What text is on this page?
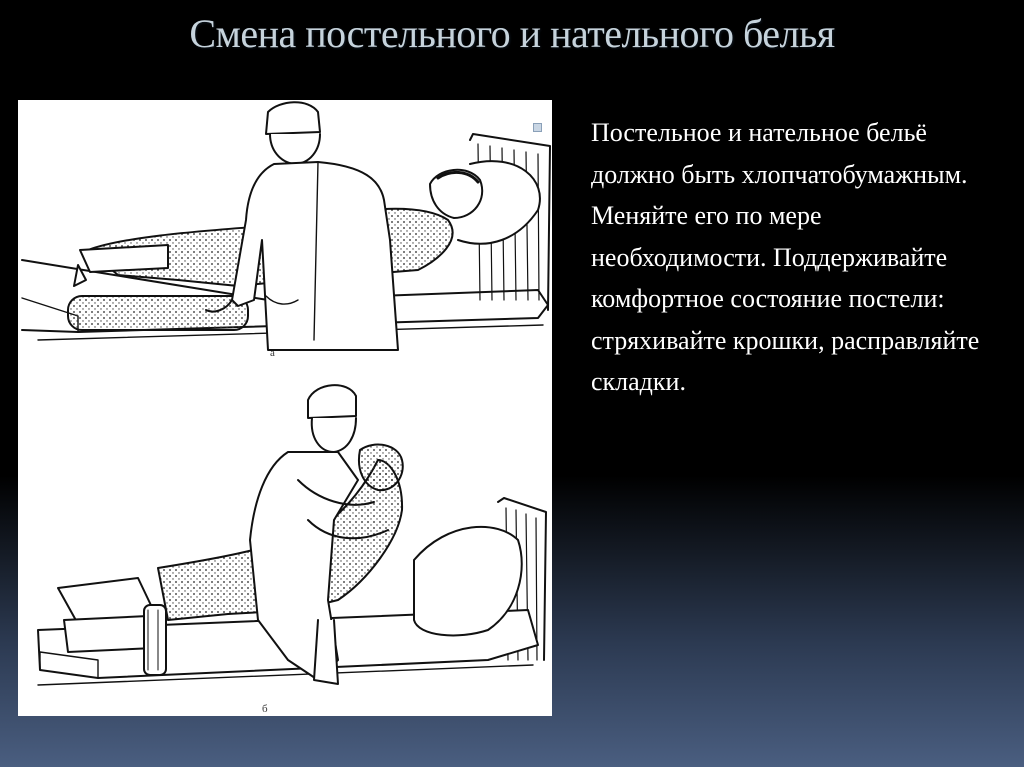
Смена постельного и нательного белья
а
б

Постельное и нательное бельё должно быть хлопчатобумажным. Меняйте его по мере необходимости. Поддерживайте комфортное состояние постели: стряхивайте крошки, расправляйте складки.
